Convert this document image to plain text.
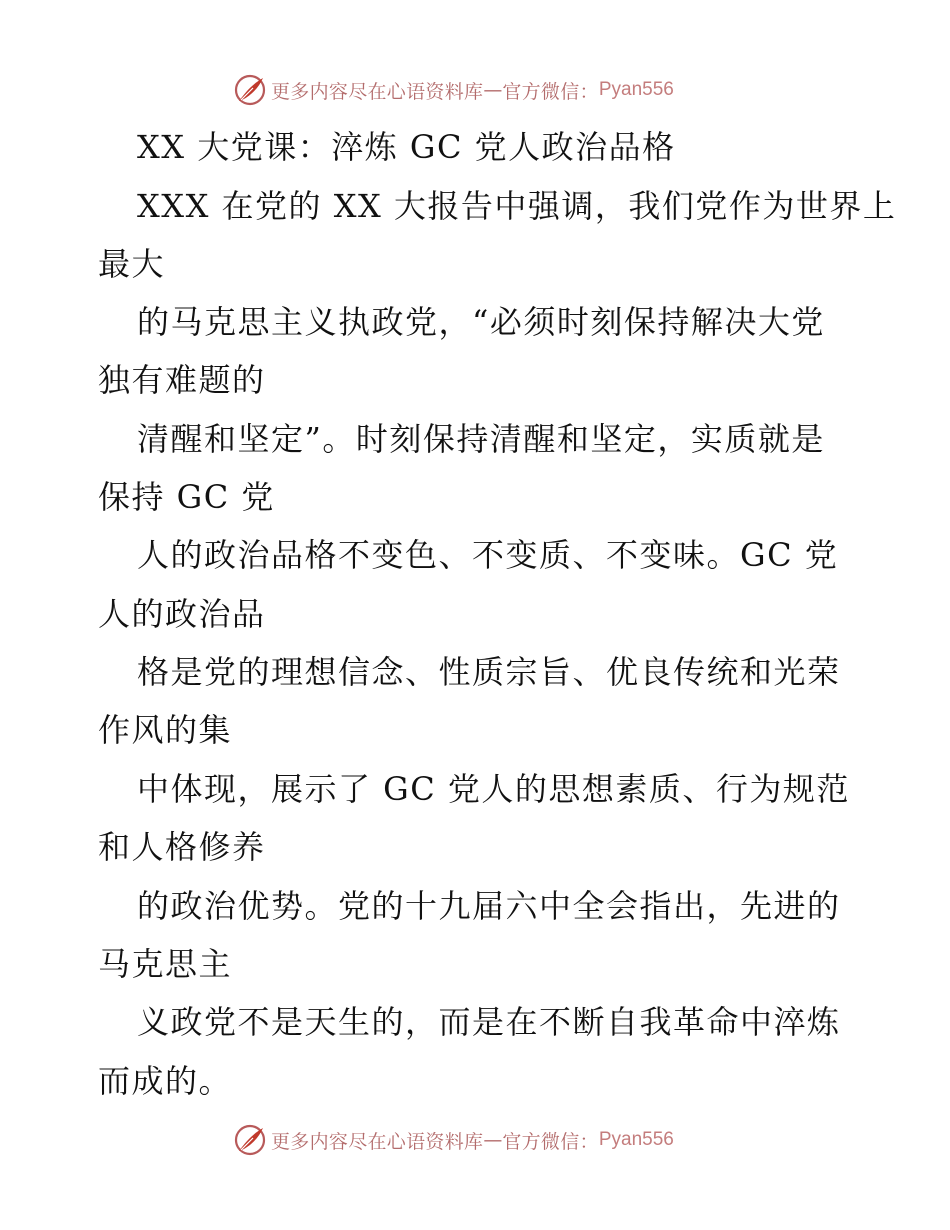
更多内容尽在心语资料库 — 官方微信： Pyan556

XX 大党课：淬炼 GC 党人政治品格

XXX 在党的 XX 大报告中强调，我们党作为世界上

最大

的马克思主义执政党，“必须时刻保持解决大党

独有难题的

清醒和坚定”。时刻保持清醒和坚定，实质就是

保持 GC 党

人的政治品格不变色、不变质、不变味。GC 党

人的政治品

格是党的理想信念、性质宗旨、优良传统和光荣

作风的集

中体现，展示了 GC 党人的思想素质、行为规范

和人格修养

的政治优势。党的十九届六中全会指出，先进的

马克思主

义政党不是天生的，而是在不断自我革命中淬炼

而成的。

更多内容尽在心语资料库 — 官方微信： Pyan556
